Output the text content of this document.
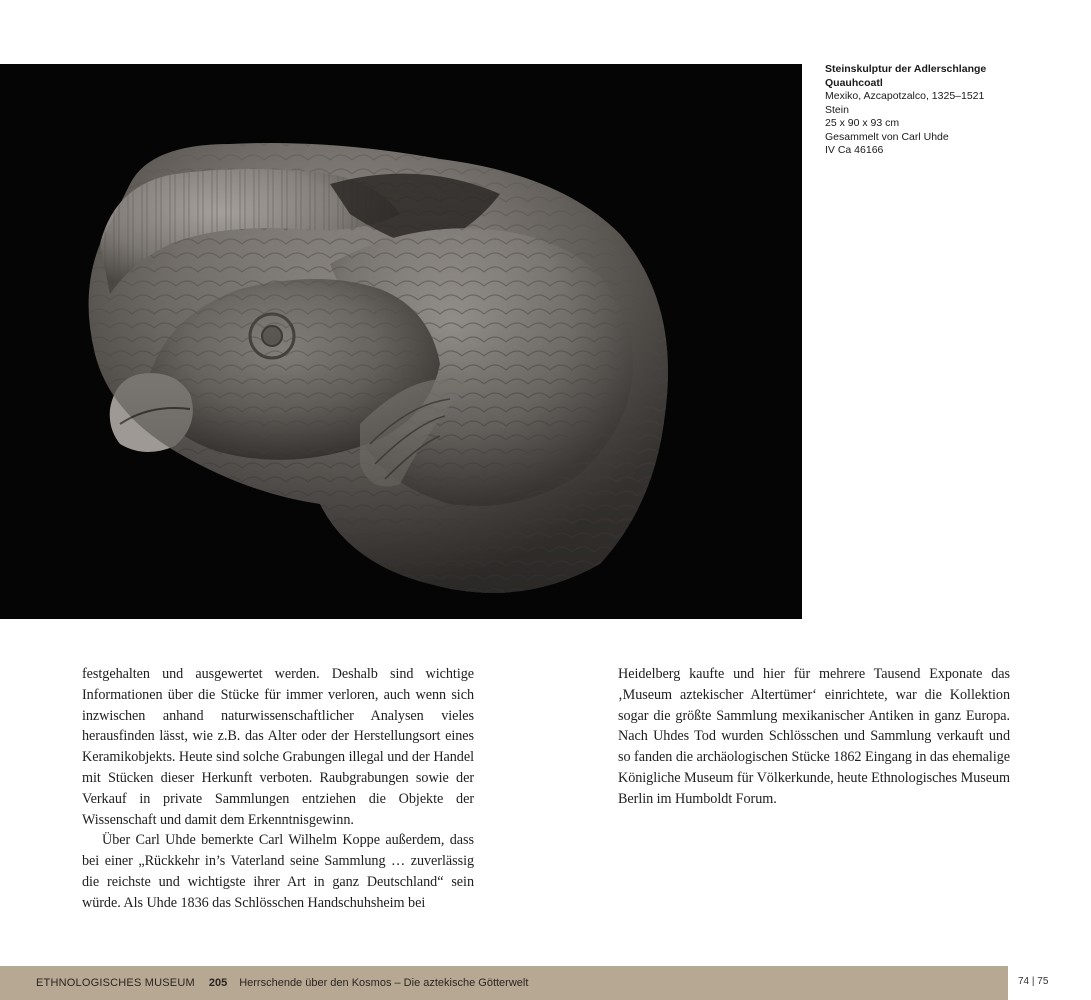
Steinskulptur der Adlerschlange
Quauhcoatl
Mexiko, Azcapotzalco, 1325–1521
Stein
25 x 90 x 93 cm
Gesammelt von Carl Uhde
IV Ca 46166

festgehalten und ausgewertet werden. Deshalb sind wichtige Informationen über die Stücke für immer verloren, auch wenn sich inzwischen anhand naturwissenschaftlicher Analysen vieles herausfinden lässt, wie z.B. das Alter oder der Herstellungsort eines Keramikobjekts. Heute sind solche Grabungen illegal und der Handel mit Stücken dieser Herkunft verboten. Raubgrabungen sowie der Verkauf in private Sammlungen entziehen die Objekte der Wissenschaft und damit dem Erkenntnisgewinn.

Über Carl Uhde bemerkte Carl Wilhelm Koppe außerdem, dass bei einer „Rückkehr in’s Vaterland seine Sammlung … zuverlässig die reichste und wichtigste ihrer Art in ganz Deutschland“ sein würde. Als Uhde 1836 das Schlösschen Handschuhsheim bei

Heidelberg kaufte und hier für mehrere Tausend Exponate das ‚Museum aztekischer Altertümer‘ einrichtete, war die Kollektion sogar die größte Sammlung mexikanischer Antiken in ganz Europa. Nach Uhdes Tod wurden Schlösschen und Sammlung verkauft und so fanden die archäologischen Stücke 1862 Eingang in das ehemalige Königliche Museum für Völkerkunde, heute Ethnologisches Museum Berlin im Humboldt Forum.

ETHNOLOGISCHES MUSEUM 205 Herrschende über den Kosmos – Die aztekische Götterwelt	74 | 75
